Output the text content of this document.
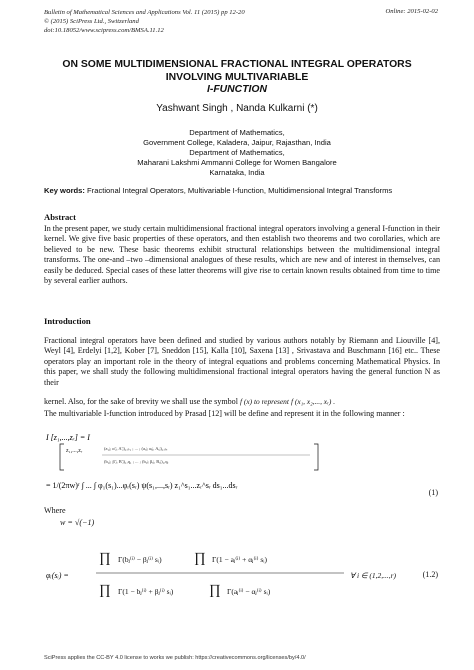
Bulletin of Mathematical Sciences and Applications Vol. 11 (2015) pp 12-20
© (2015) SciPress Ltd., Switzerland
doi:10.18052/www.scipress.com/BMSA.11.12
Online: 2015-02-02
ON SOME MULTIDIMENSIONAL FRACTIONAL INTEGRAL OPERATORS
INVOLVING MULTIVARIABLE
I-FUNCTION
Yashwant Singh , Nanda Kulkarni (*)
Department of Mathematics,
Government College, Kaladera, Jaipur, Rajasthan, India
Department of Mathematics,
Maharani Lakshmi Ammanni College for Women Bangalore
Karnataka, India
Key words: Fractional Integral Operators, Multivariable I-function, Multidimensional Integral Transforms
Abstract
In the present paper, we study certain multidimensional fractional integral operators involving a general I-function in their kernel. We give five basic properties of these operators, and then establish two theorems and two corollaries, which are believed to be new. These basic theorems exhibit structural relationships between the multidimensional integral transforms. The one-and –two –dimensional analogues of these results, which are new and of interest in themselves, can easily be deduced. Special cases of these latter theorems will give rise to certain known results obtained from time to time by several earlier authors.
Introduction
Fractional integral operators have been defined and studied by various authors notably by Riemann and Liouville [4], Weyl [4], Erdelyi [1,2], Kober [7], Sneddon [15], Kalla [10], Saxena [13] , Srivastava and Buschmann [16] etc.. These operators play an important role in the theory of integral equations and problems concerning Mathematical Physics. In this paper, we shall study the following multidimensional fractional integral operators having the general function N as their
kernel. Also, for the sake of brevity we shall use the symbol f (x) to represent f (x₁, x₂,..., xᵣ) .
The multivariable I-function introduced by Prasad [12] will be define and represent it in the following manner :
I [z₁,...,zᵣ] = I
z₁,...,zᵣ	(a₁ⱼ; α′ⱼ, A′ⱼ)₁,ₚ₁ ; ... ; (aᵣⱼ; αᵣⱼ, Aᵣⱼ)₁,ₚᵣ
(b₁ⱼ; β′ⱼ, B′ⱼ)₁,q₁ ; ... ; (bᵣⱼ; βᵣⱼ, Bᵣⱼ)₁,qᵣ
= 1/(2πw)ʳ ∫ ... ∫ φ₁(s₁)...φᵣ(sᵣ) ψ(s₁,...,sᵣ) z₁^s₁...zᵣ^sᵣ ds₁...dsᵣ
(1)
Where
w = √(−1)
φᵢ(sᵢ) =
∏ Γ(bⱼ⁽ⁱ⁾ − βⱼ⁽ⁱ⁾ sᵢ) ∏ Γ(1 − aⱼ⁽ⁱ⁾ + αⱼ⁽ⁱ⁾ sᵢ)
∏ Γ(1 − bⱼ⁽ⁱ⁾ + βⱼ⁽ⁱ⁾ sᵢ)	∏ Γ(aⱼ⁽ⁱ⁾ − αⱼ⁽ⁱ⁾ sᵢ)
∀ i ∈ (1,2,...,r)	(1.2)
SciPress applies the CC-BY 4.0 license to works we publish: https://creativecommons.org/licenses/by/4.0/
